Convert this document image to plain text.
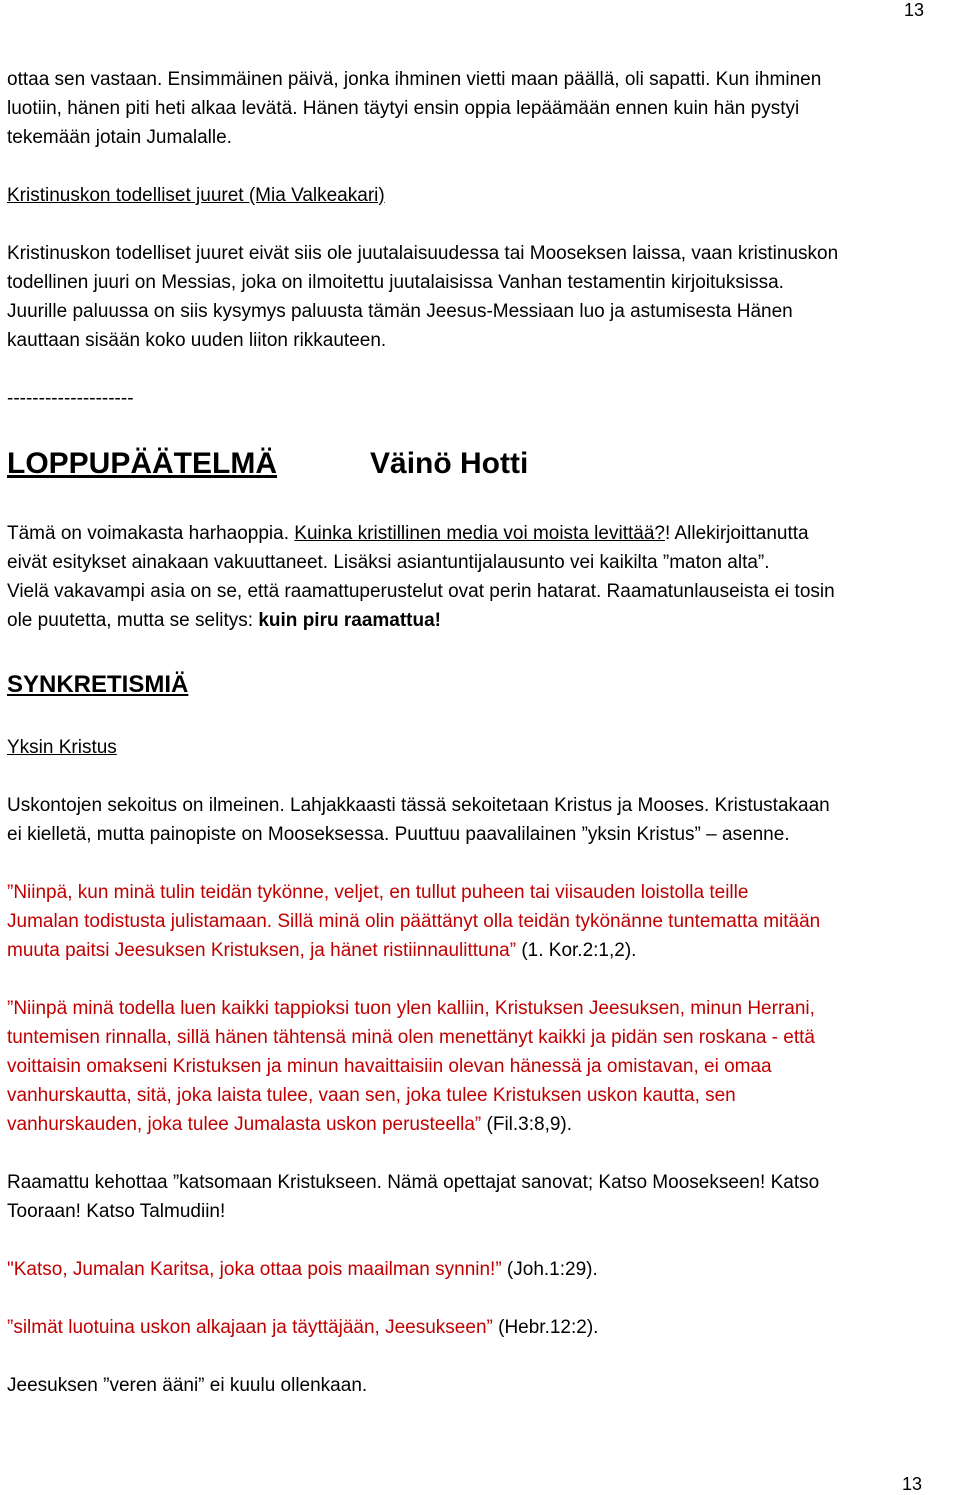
13

ottaa sen vastaan. Ensimmäinen päivä, jonka ihminen vietti maan päällä, oli sapatti. Kun ihminen

luotiin, hänen piti heti alkaa levätä. Hänen täytyi ensin oppia lepäämään ennen kuin hän pystyi

tekemään jotain Jumalalle.

Kristinuskon todelliset juuret (Mia Valkeakari)

Kristinuskon todelliset juuret eivät siis ole juutalaisuudessa tai Mooseksen laissa, vaan kristinuskon

todellinen juuri on Messias, joka on ilmoitettu juutalaisissa Vanhan testamentin kirjoituksissa.

Juurille paluussa on siis kysymys paluusta tämän Jeesus-Messiaan luo ja astumisesta Hänen

kauttaan sisään koko uuden liiton rikkauteen.

--------------------

LOPPUPÄÄTELMÄ	Väinö Hotti

Tämä on voimakasta harhaoppia. Kuinka kristillinen media voi moista levittää?! Allekirjoittanutta

eivät esitykset ainakaan vakuuttaneet. Lisäksi asiantuntijalausunto vei kaikilta ”maton alta”.

Vielä vakavampi asia on se, että raamattuperustelut ovat perin hatarat. Raamatunlauseista ei tosin

ole puutetta, mutta se selitys: kuin piru raamattua!

SYNKRETISMIÄ

Yksin Kristus

Uskontojen sekoitus on ilmeinen. Lahjakkaasti tässä sekoitetaan Kristus ja Mooses. Kristustakaan

ei kielletä, mutta painopiste on Mooseksessa. Puuttuu paavalilainen ”yksin Kristus” – asenne.

”Niinpä, kun minä tulin teidän tykönne, veljet, en tullut puheen tai viisauden loistolla teille

Jumalan todistusta julistamaan. Sillä minä olin päättänyt olla teidän tykönänne tuntematta mitään

muuta paitsi Jeesuksen Kristuksen, ja hänet ristiinnaulittuna” (1. Kor.2:1,2).

”Niinpä minä todella luen kaikki tappioksi tuon ylen kalliin, Kristuksen Jeesuksen, minun Herrani,

tuntemisen rinnalla, sillä hänen tähtensä minä olen menettänyt kaikki ja pidän sen roskana - että

voittaisin omakseni Kristuksen ja minun havaittaisiin olevan hänessä ja omistavan, ei omaa

vanhurskautta, sitä, joka laista tulee, vaan sen, joka tulee Kristuksen uskon kautta, sen

vanhurskauden, joka tulee Jumalasta uskon perusteella” (Fil.3:8,9).

Raamattu kehottaa ”katsomaan Kristukseen. Nämä opettajat sanovat; Katso Moosekseen! Katso

Tooraan! Katso Talmudiin!

"Katso, Jumalan Karitsa, joka ottaa pois maailman synnin!” (Joh.1:29).

”silmät luotuina uskon alkajaan ja täyttäjään, Jeesukseen” (Hebr.12:2).

Jeesuksen ”veren ääni” ei kuulu ollenkaan.

13
